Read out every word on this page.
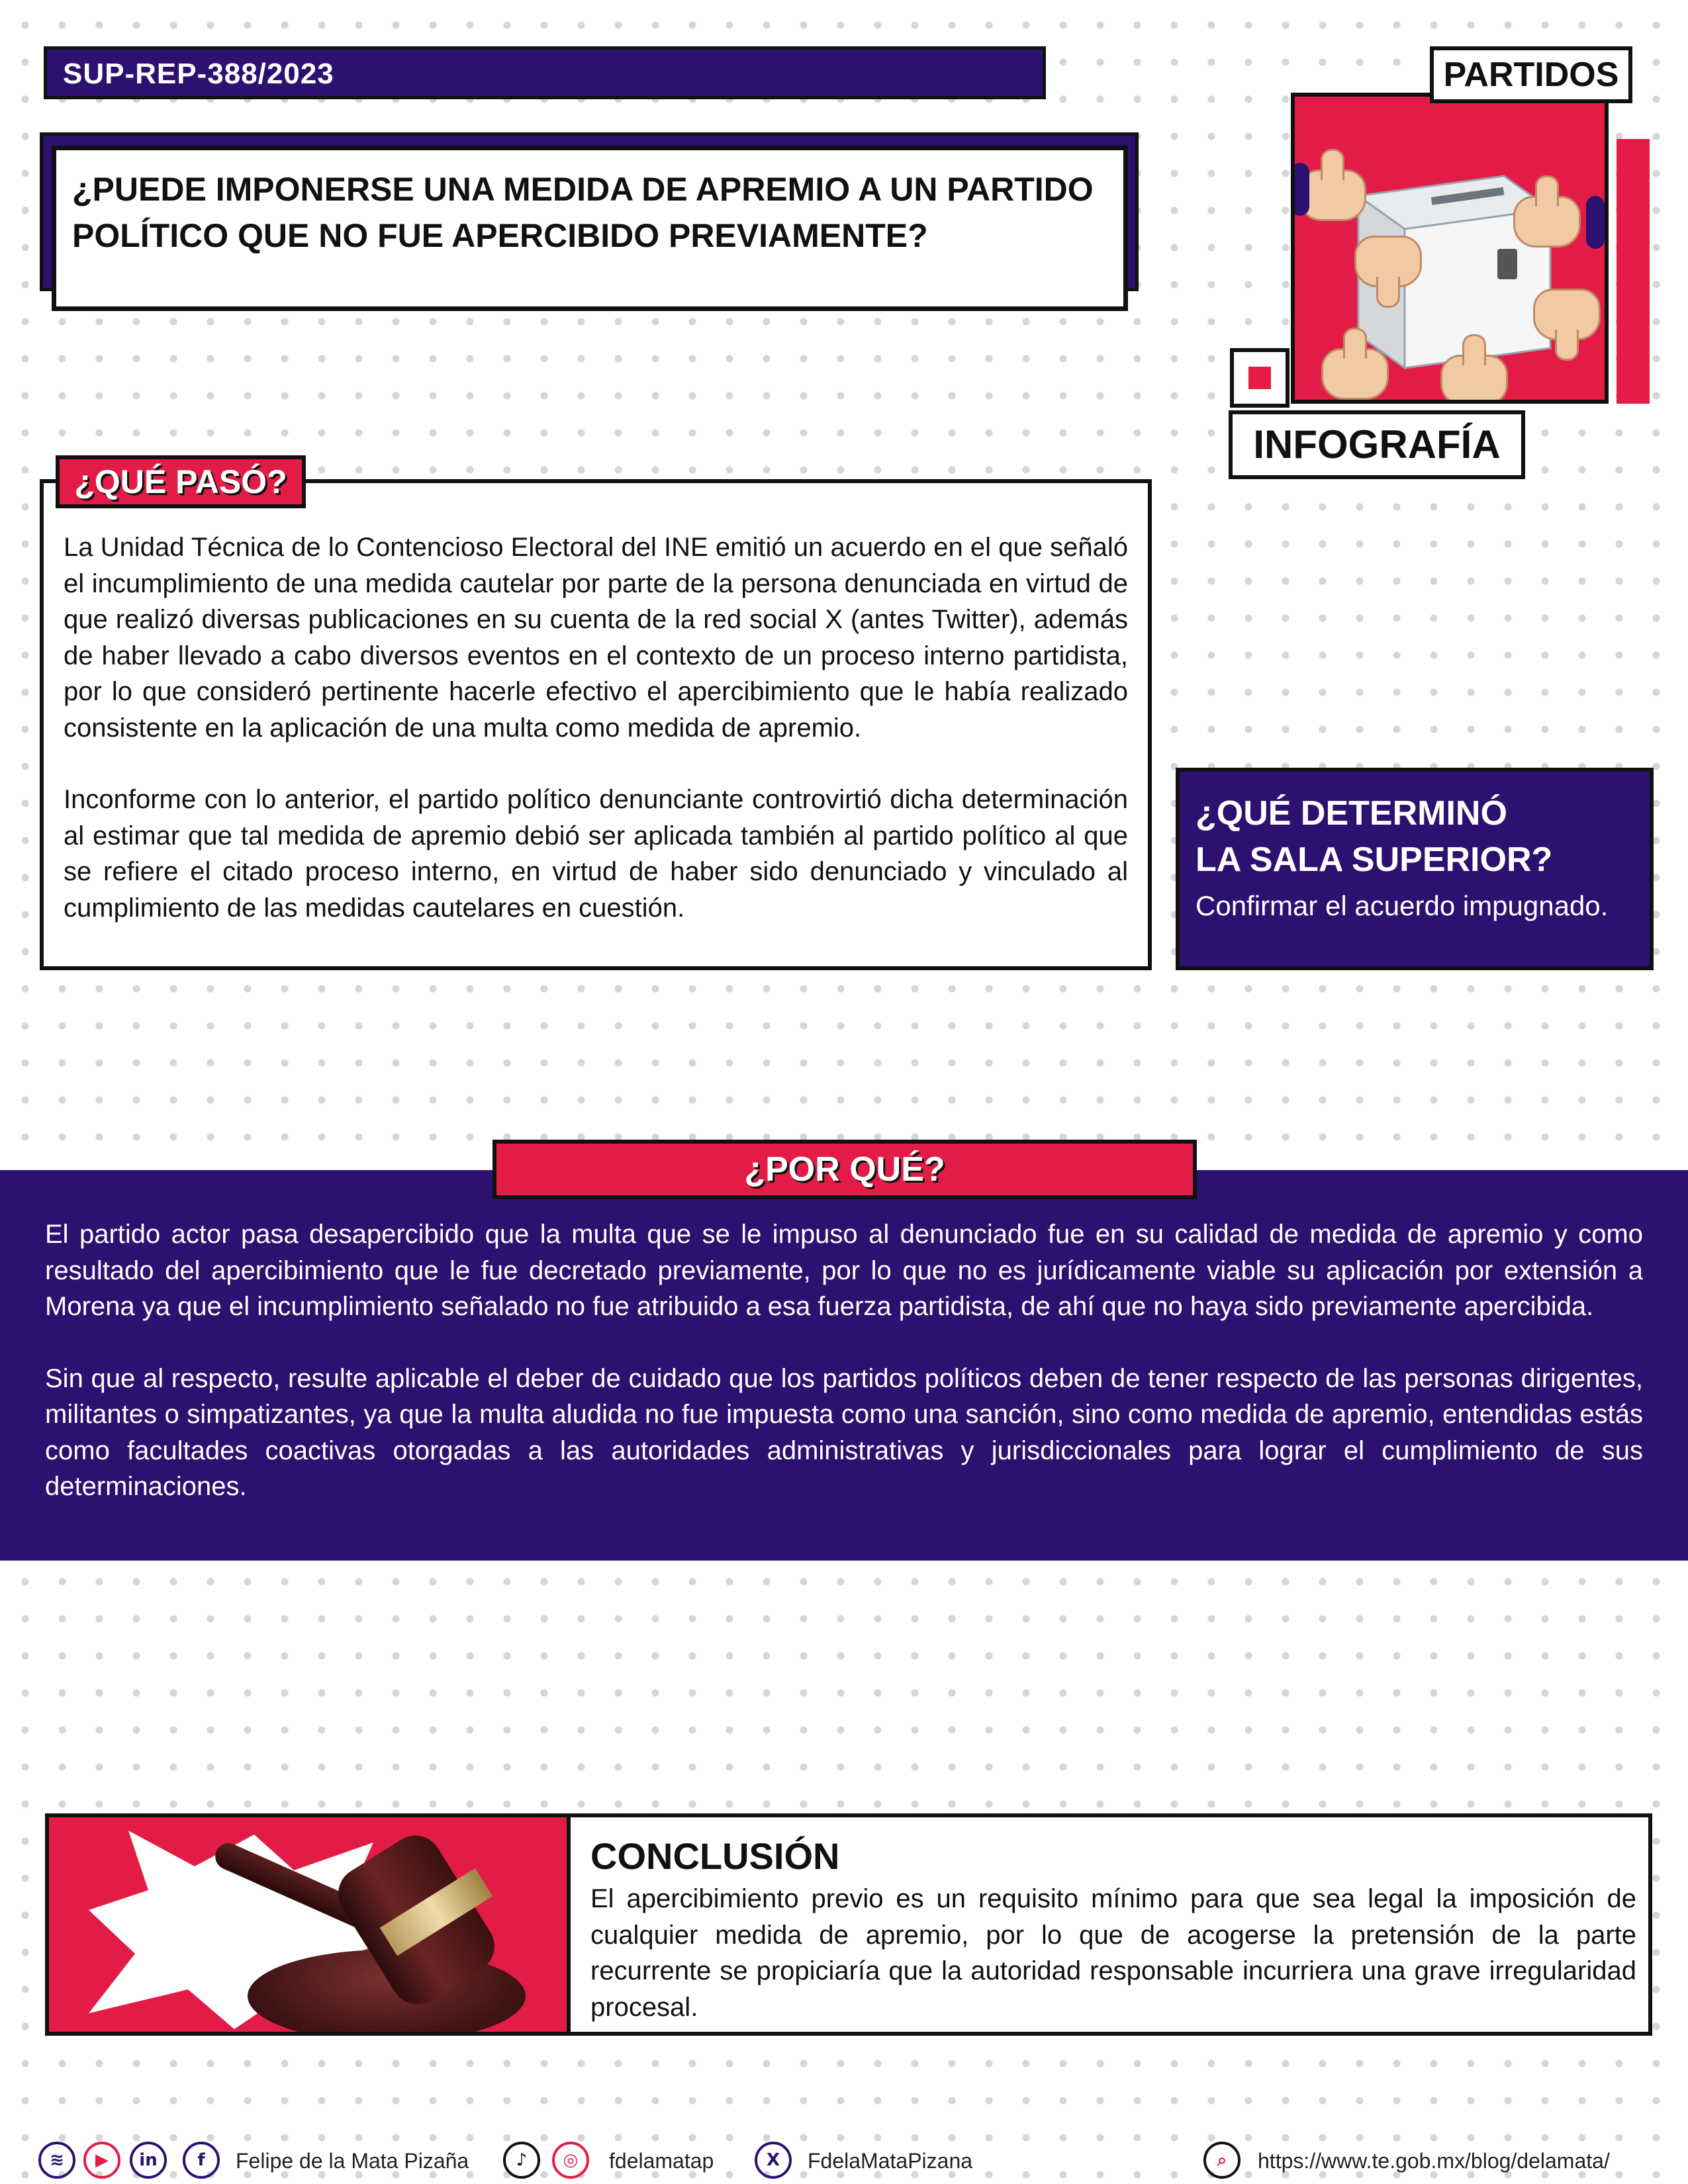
SUP-REP-388/2023
¿PUEDE IMPONERSE UNA MEDIDA DE APREMIO A UN PARTIDO POLÍTICO QUE NO FUE APERCIBIDO PREVIAMENTE?
PARTIDOS
INFOGRAFÍA

La Unidad Técnica de lo Contencioso Electoral del INE emitió un acuerdo en el que señaló el incumplimiento de una medida cautelar por parte de la persona denunciada en virtud de que realizó diversas publicaciones en su cuenta de la red social X (antes Twitter), además de haber llevado a cabo diversos eventos en el contexto de un proceso interno partidista, por lo que consideró pertinente hacerle efectivo el apercibimiento que le había realizado consistente en la aplicación de una multa como medida de apremio.

Inconforme con lo anterior, el partido político denunciante controvirtió dicha determinación al estimar que tal medida de apremio debió ser aplicada también al partido político al que se refiere el citado proceso interno, en virtud de haber sido denunciado y vinculado al cumplimiento de las medidas cautelares en cuestión.

¿QUÉ PASÓ?
¿QUÉ DETERMINÓ
LA SALA SUPERIOR?
Confirmar el acuerdo impugnado.

El partido actor pasa desapercibido que la multa que se le impuso al denunciado fue en su calidad de medida de apremio y como resultado del apercibimiento que le fue decretado previamente, por lo que no es jurídicamente viable su aplicación por extensión a Morena ya que el incumplimiento señalado no fue atribuido a esa fuerza partidista, de ahí que no haya sido previamente apercibida.

Sin que al respecto, resulte aplicable el deber de cuidado que los partidos políticos deben de tener respecto de las personas dirigentes, militantes o simpatizantes, ya que la multa aludida no fue impuesta como una sanción, sino como medida de apremio, entendidas estás como facultades coactivas otorgadas a las autoridades administrativas y jurisdiccionales para lograr el cumplimiento de sus determinaciones.

¿POR QUÉ?
CONCLUSIÓN
El apercibimiento previo es un requisito mínimo para que sea legal la imposición de cualquier medida de apremio, por lo que de acogerse la pretensión de la parte recurrente se propiciaría que la autoridad responsable incurriera una grave irregularidad procesal.
≋	▶	in	f	Felipe de la Mata Pizaña	♪	◎	fdelamatap	X	FdelaMataPizana	⌕	https://www.te.gob.mx/blog/delamata/
